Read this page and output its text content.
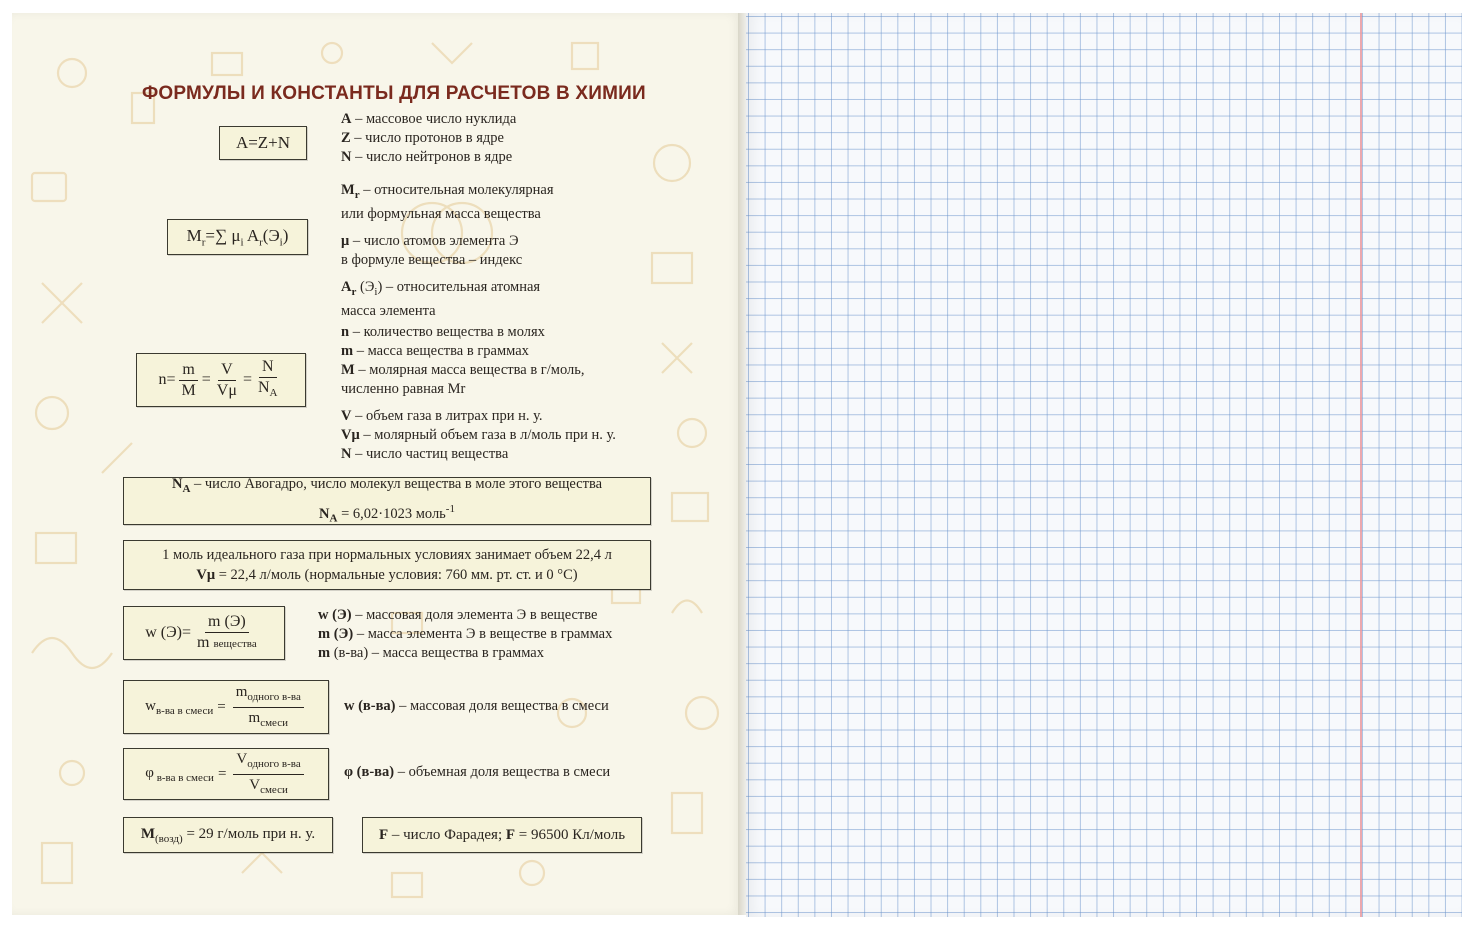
ФОРМУЛЫ И КОНСТАНТЫ ДЛЯ РАСЧЕТОВ В ХИМИИ
A=Z+N
A – массовое число нуклида
Z – число протонов в ядре
N – число нейтронов в ядре
$M_r=\sum$ $\mu_i$ $A_r(Э_i)$
$M_r$ – относительная молекулярная
или формульная масса вещества
μ – число атомов элемента Э
в формуле вещества – индекс
$A_r$ $(Э_i)$ – относительная атомная
масса элемента
$n= \frac{m}{M} = \frac{V}{V\mu} = \frac{N}{N_A}$
n – количество вещества в молях
m – масса вещества в граммах
M – молярная масса вещества в г/моль,
численно равная Mr
V – объем газа в литрах при н. у.
Vμ – молярный объем газа в л/моль при н. у.
N – число частиц вещества
$N_A$ – число Авогадро, число молекул вещества в моле этого вещества
$N_A = 6,02\cdot 1023$ моль$^{-1}$
1 моль идеального газа при нормальных условиях занимает объем 22,4 л
Vμ = 22,4 л/моль (нормальные условия: 760 мм. рт. ст. и 0 °С)
w $(Э)= \frac{m (Э)}{\text{m вещества}}$	w (Э) – массовая доля элемента Э в веществе
m (Э) – масса элемента Э в веществе в граммах
m (в-ва) – масса вещества в граммах
$w_{в-ва в смеси} = \frac{m_{одного в-ва}}{m_{смеси}}$	w (в-ва) – массовая доля вещества в смеси
φ $_{в-ва в смеси} = \frac{V_{одного в-ва}}{V_{смеси}}$	φ (в-ва) – объемная доля вещества в смеси
$M_{(возд)} = 29$ г/моль при н. у.	F – число Фарадея; F = 96500 Кл/моль
